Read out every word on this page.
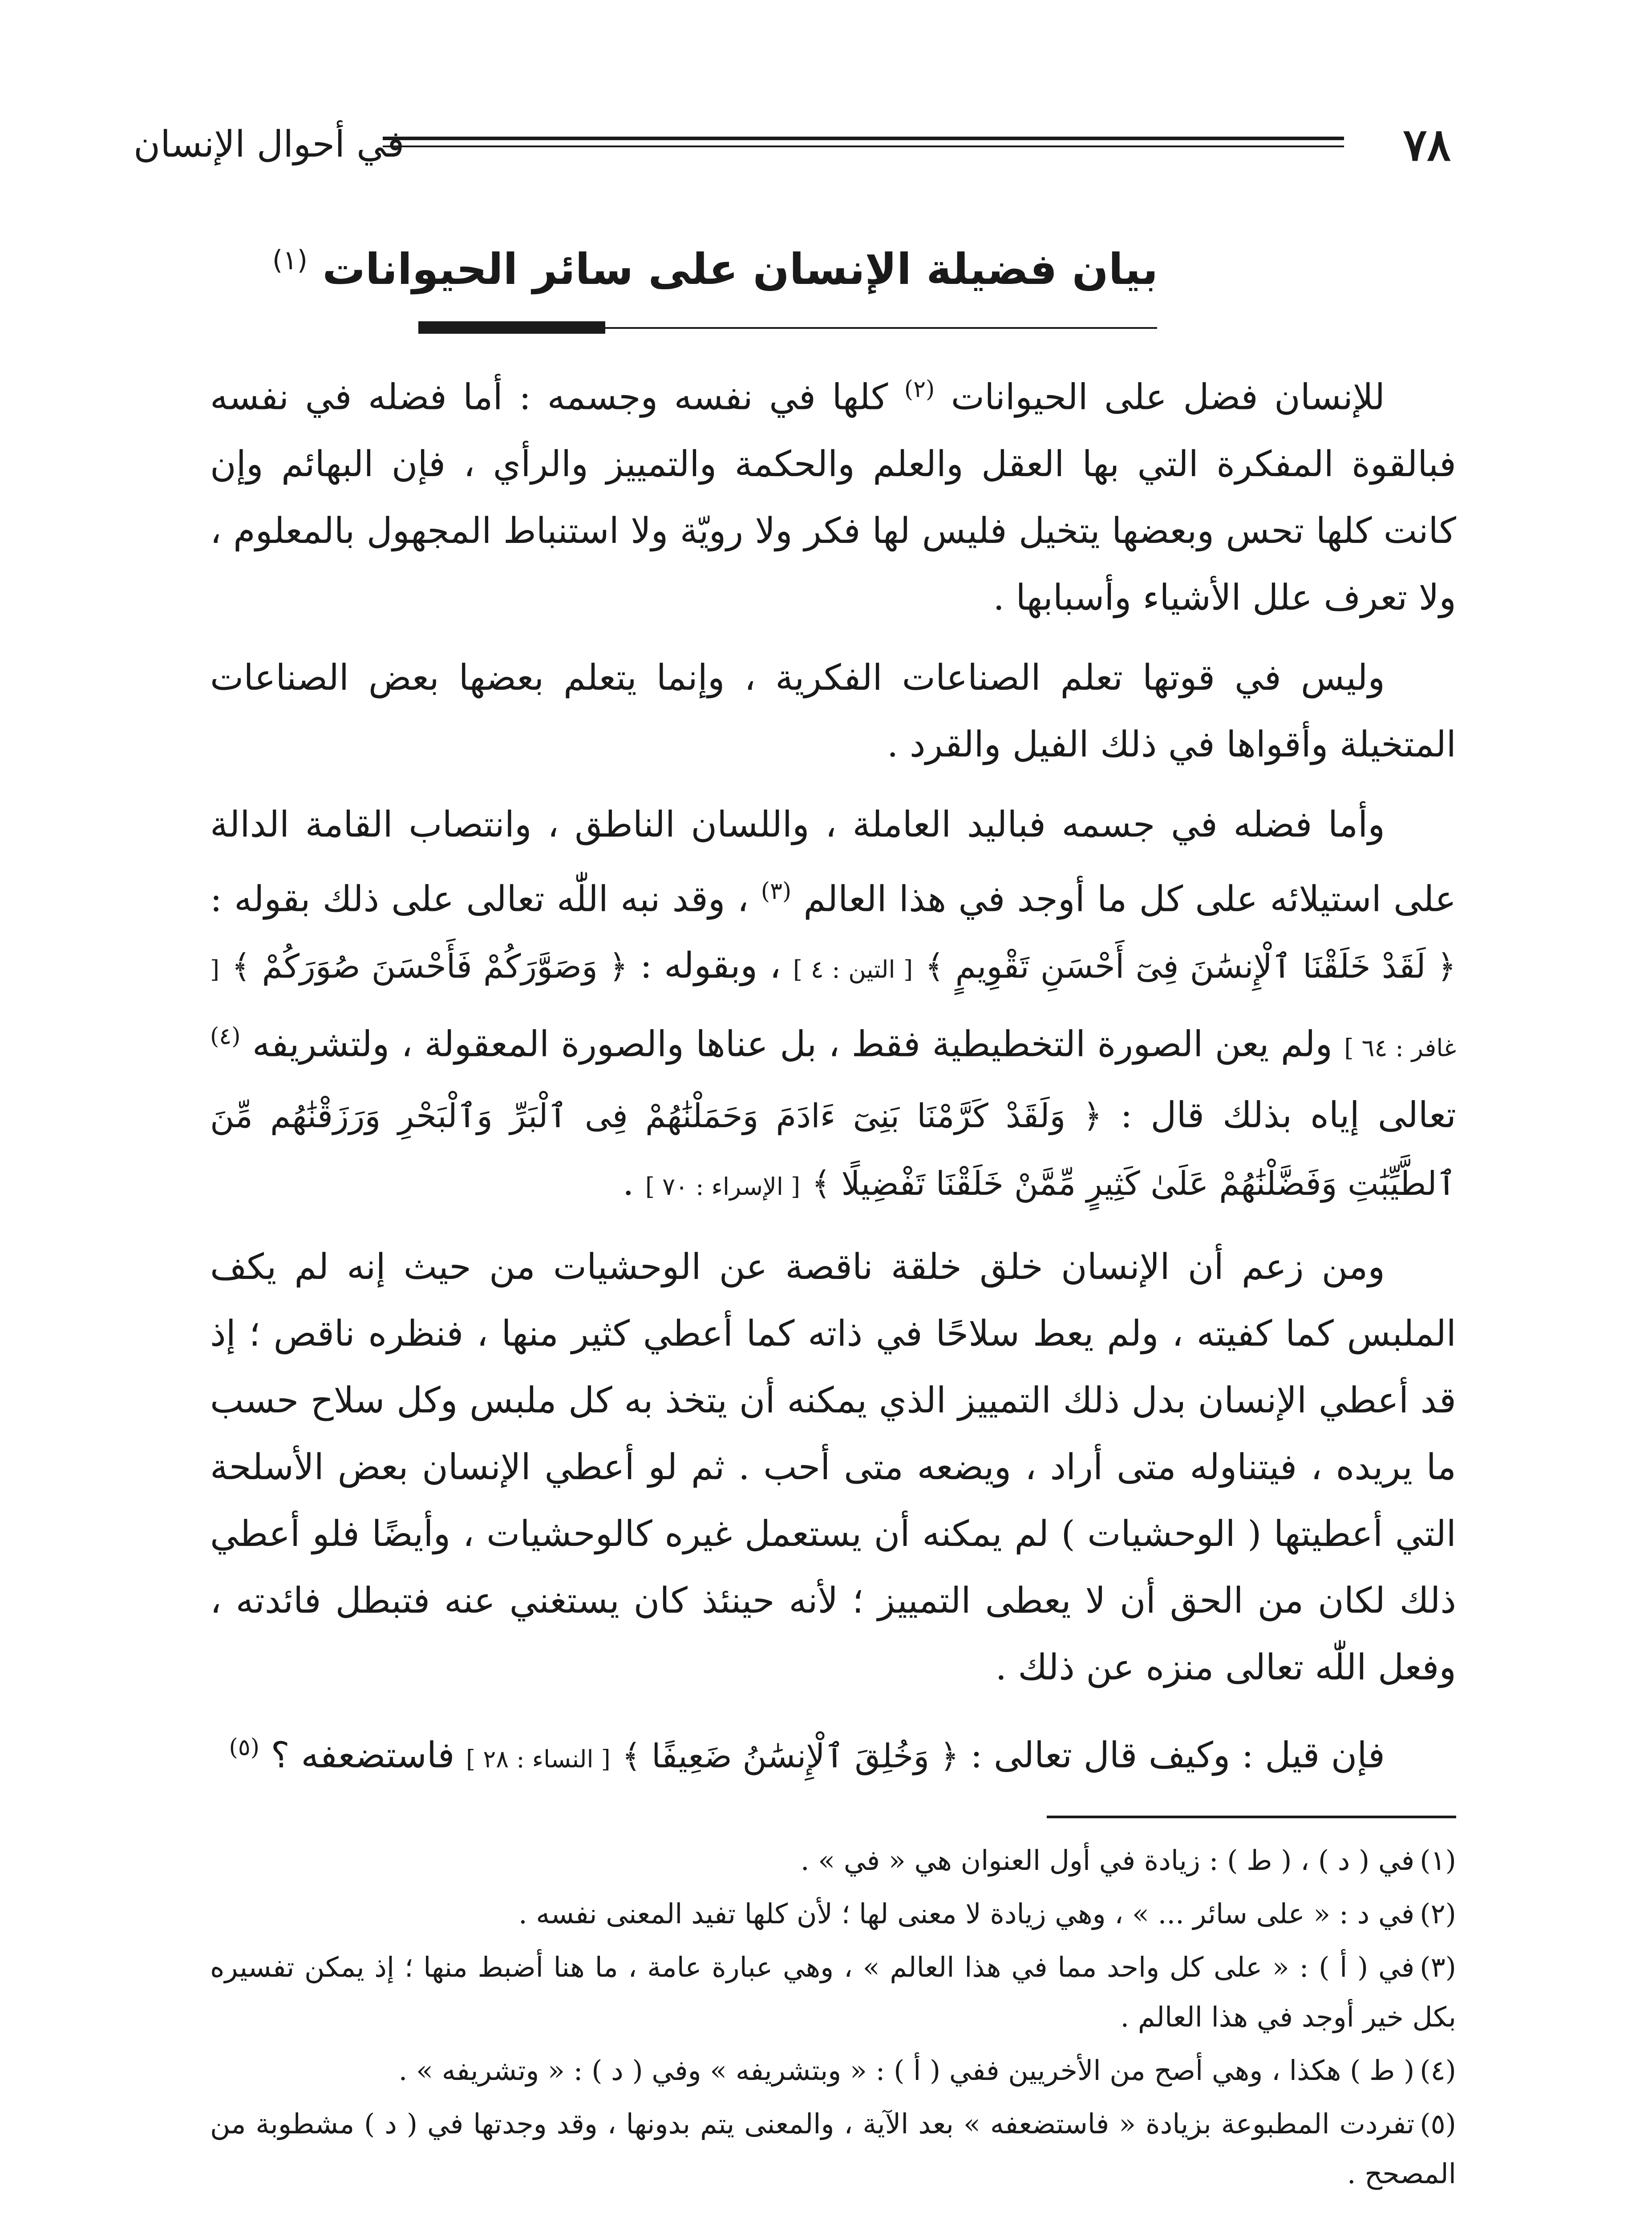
٧٨
في أحوال الإنسان
بيان فضيلة الإنسان على سائر الحيوانات $^{(١)}$

للإنسان فضل على الحيوانات $^{(٢)}$ كلها في نفسه وجسمه : أما فضله في نفسه فبالقوة المفكرة التي بها العقل والعلم والحكمة والتمييز والرأي ، فإن البهائم وإن كانت كلها تحس وبعضها يتخيل فليس لها فكر ولا رويّة ولا استنباط المجهول بالمعلوم ، ولا تعرف علل الأشياء وأسبابها .

وليس في قوتها تعلم الصناعات الفكرية ، وإنما يتعلم بعضها بعض الصناعات المتخيلة وأقواها في ذلك الفيل والقرد .

وأما فضله في جسمه فباليد العاملة ، واللسان الناطق ، وانتصاب القامة الدالة على استيلائه على كل ما أوجد في هذا العالم $^{(٣)}$ ، وقد نبه اللّٰه تعالى على ذلك بقوله : ﴿ لَقَدْ خَلَقْنَا ٱلْإِنسَٰنَ فِىٓ أَحْسَنِ تَقْوِيمٍ ﴾ [ التين : ٤ ] ، وبقوله : ﴿ وَصَوَّرَكُمْ فَأَحْسَنَ صُوَرَكُمْ ﴾ [ غافر : ٦٤ ] ولم يعن الصورة التخطيطية فقط ، بل عناها والصورة المعقولة ، ولتشريفه $^{(٤)}$ تعالى إياه بذلك قال : ﴿ وَلَقَدْ كَرَّمْنَا بَنِىٓ ءَادَمَ وَحَمَلْنَٰهُمْ فِى ٱلْبَرِّ وَٱلْبَحْرِ وَرَزَقْنَٰهُم مِّنَ ٱلطَّيِّبَٰتِ وَفَضَّلْنَٰهُمْ عَلَىٰ كَثِيرٍ مِّمَّنْ خَلَقْنَا تَفْضِيلًا ﴾ [ الإسراء : ٧٠ ] .

ومن زعم أن الإنسان خلق خلقة ناقصة عن الوحشيات من حيث إنه لم يكف الملبس كما كفيته ، ولم يعط سلاحًا في ذاته كما أعطي كثير منها ، فنظره ناقص ؛ إذ قد أعطي الإنسان بدل ذلك التمييز الذي يمكنه أن يتخذ به كل ملبس وكل سلاح حسب ما يريده ، فيتناوله متى أراد ، ويضعه متى أحب . ثم لو أعطي الإنسان بعض الأسلحة التي أعطيتها ( الوحشيات ) لم يمكنه أن يستعمل غيره كالوحشيات ، وأيضًا فلو أعطي ذلك لكان من الحق أن لا يعطى التمييز ؛ لأنه حينئذ كان يستغني عنه فتبطل فائدته ، وفعل اللّٰه تعالى منزه عن ذلك .

فإن قيل : وكيف قال تعالى : ﴿ وَخُلِقَ ٱلْإِنسَٰنُ ضَعِيفًا ﴾ [ النساء : ٢٨ ] فاستضعفه ؟ $^{(٥)}$

(١)في ( د ) ، ( ط ) : زيادة في أول العنوان هي « في » .
(٢)في د : « على سائر ... » ، وهي زيادة لا معنى لها ؛ لأن كلها تفيد المعنى نفسه .
(٣)في ( أ ) : « على كل واحد مما في هذا العالم » ، وهي عبارة عامة ، ما هنا أضبط منها ؛ إذ يمكن تفسيره بكل خير أوجد في هذا العالم .
(٤)( ط ) هكذا ، وهي أصح من الأخريين ففي ( أ ) : « وبتشريفه » وفي ( د ) : « وتشريفه » .
(٥)تفردت المطبوعة بزيادة « فاستضعفه » بعد الآية ، والمعنى يتم بدونها ، وقد وجدتها في ( د ) مشطوبة من المصحح .
